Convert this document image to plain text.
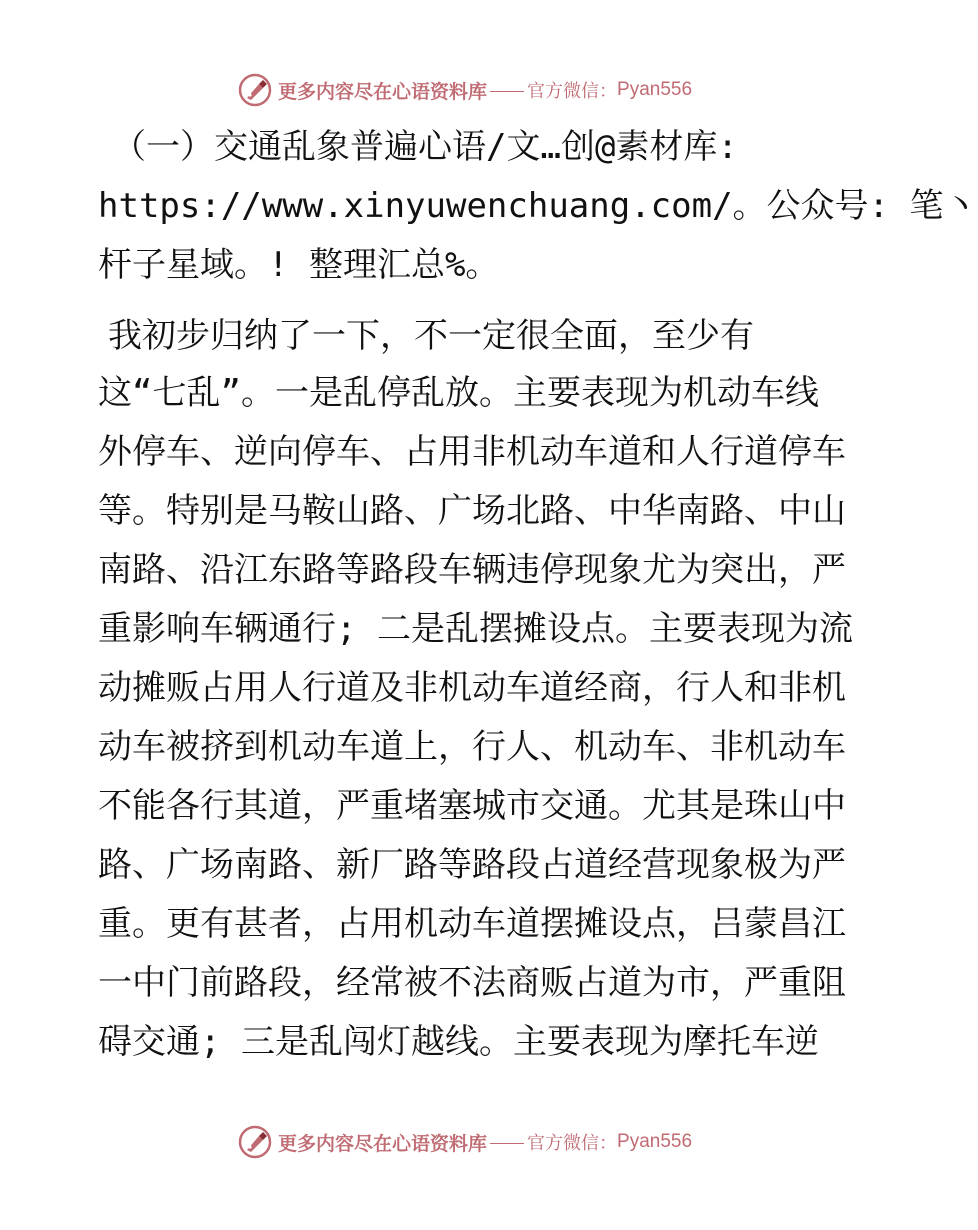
更多内容尽在心语资料库 官方微信： Pyan556
（一）交通乱象普遍心语/文…创@素材库:
https://www.xinyuwenchuang.com/。公众号: 笔丶
杆子星域。! 整理汇总%。
我初步归纳了一下，不一定很全面，至少有
这“七乱”。一是乱停乱放。主要表现为机动车线
外停车、逆向停车、占用非机动车道和人行道停车
等。特别是马鞍山路、广场北路、中华南路、中山
南路、沿江东路等路段车辆违停现象尤为突出，严
重影响车辆通行; 二是乱摆摊设点。主要表现为流
动摊贩占用人行道及非机动车道经商，行人和非机
动车被挤到机动车道上，行人、机动车、非机动车
不能各行其道，严重堵塞城市交通。尤其是珠山中
路、广场南路、新厂路等路段占道经营现象极为严
重。更有甚者，占用机动车道摆摊设点，吕蒙昌江
一中门前路段，经常被不法商贩占道为市，严重阻
碍交通; 三是乱闯灯越线。主要表现为摩托车逆
更多内容尽在心语资料库 官方微信： Pyan556
